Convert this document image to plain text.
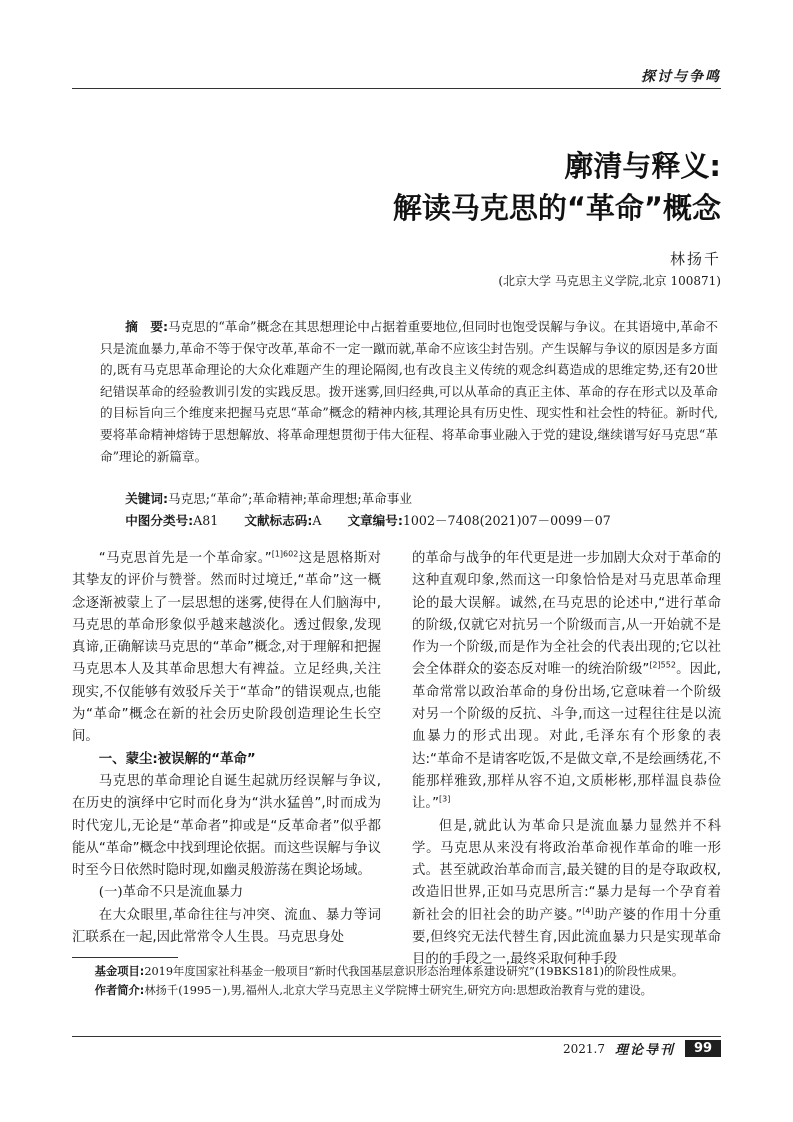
探讨与争鸣
廓清与释义:
解读马克思的“革命”概念
林扬千
(北京大学 马克思主义学院,北京 100871)
摘　要:马克思的“革命”概念在其思想理论中占据着重要地位,但同时也饱受误解与争议。在其语境中,革命不只是流血暴力,革命不等于保守改革,革命不一定一蹴而就,革命不应该尘封告别。产生误解与争议的原因是多方面的,既有马克思革命理论的大众化难题产生的理论隔阂,也有改良主义传统的观念纠葛造成的思维定势,还有20世纪错误革命的经验教训引发的实践反思。拨开迷雾,回归经典,可以从革命的真正主体、革命的存在形式以及革命的目标旨向三个维度来把握马克思“革命”概念的精神内核,其理论具有历史性、现实性和社会性的特征。新时代,要将革命精神熔铸于思想解放、将革命理想贯彻于伟大征程、将革命事业融入于党的建设,继续谱写好马克思“革命”理论的新篇章。
关键词:马克思;“革命”;革命精神;革命理想;革命事业
中图分类号:A81 文献标志码:A 文章编号:1002－7408(2021)07－0099－07

“马克思首先是一个革命家。”$^{[1]602}$这是恩格斯对其挚友的评价与赞誉。然而时过境迁,“革命”这一概念逐渐被蒙上了一层思想的迷雾,使得在人们脑海中,马克思的革命形象似乎越来越淡化。透过假象,发现真谛,正确解读马克思的“革命”概念,对于理解和把握马克思本人及其革命思想大有裨益。立足经典,关注现实,不仅能够有效驳斥关于“革命”的错误观点,也能为“革命”概念在新的社会历史阶段创造理论生长空间。

一、蒙尘:被误解的“革命”

马克思的革命理论自诞生起就历经误解与争议,在历史的演绎中它时而化身为“洪水猛兽”,时而成为时代宠儿,无论是“革命者”抑或是“反革命者”似乎都能从“革命”概念中找到理论依据。而这些误解与争议时至今日依然时隐时现,如幽灵般游荡在舆论场域。

(一)革命不只是流血暴力

在大众眼里,革命往往与冲突、流血、暴力等词汇联系在一起,因此常常令人生畏。马克思身处

的革命与战争的年代更是进一步加剧大众对于革命的这种直观印象,然而这一印象恰恰是对马克思革命理论的最大误解。诚然,在马克思的论述中,“进行革命的阶级,仅就它对抗另一个阶级而言,从一开始就不是作为一个阶级,而是作为全社会的代表出现的;它以社会全体群众的姿态反对唯一的统治阶级”$^{[2]552}$。因此,革命常常以政治革命的身份出场,它意味着一个阶级对另一个阶级的反抗、斗争,而这一过程往往是以流血暴力的形式出现。对此,毛泽东有个形象的表达:“革命不是请客吃饭,不是做文章,不是绘画绣花,不能那样雅致,那样从容不迫,文质彬彬,那样温良恭俭让。”[3]

但是,就此认为革命只是流血暴力显然并不科学。马克思从来没有将政治革命视作革命的唯一形式。甚至就政治革命而言,最关键的目的是夺取政权,改造旧世界,正如马克思所言:“暴力是每一个孕育着新社会的旧社会的助产婆。”[4]助产婆的作用十分重要,但终究无法代替生育,因此流血暴力只是实现革命目的的手段之一,最终采取何种手段

基金项目:2019年度国家社科基金一般项目“新时代我国基层意识形态治理体系建设研究”(19BKS181)的阶段性成果。

作者简介:林扬千(1995－),男,福州人,北京大学马克思主义学院博士研究生,研究方向:思想政治教育与党的建设。

2021.7 理论导刊	99
